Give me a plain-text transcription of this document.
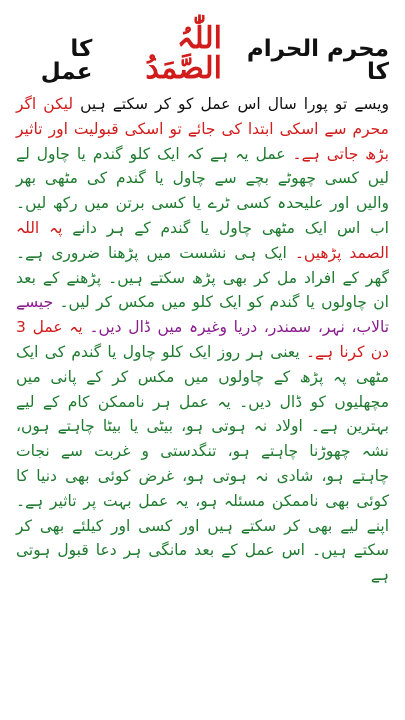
محرم الحرام کا
اللّٰہُ الصَّمَدُ
کا عمل

ویسے تو پورا سال اس عمل کو کر سکتے ہیں لیکن اگر محرم سے اسکی ابتدا کی جائے تو اسکی قبولیت اور تاثیر بڑھ جاتی ہے۔ عمل یہ ہے کہ ایک کلو گندم یا چاول لے لیں کسی چھوٹے بچے سے چاول یا گندم کی مٹھی بھر والیں اور علیحدہ کسی ٹرے یا کسی برتن میں رکھ لیں۔ اب اس ایک مٹھی چاول یا گندم کے ہر دانے پہ اللہ الصمد پڑھیں۔ ایک ہی نشست میں پڑھنا ضروری ہے۔ گھر کے افراد مل کر بھی پڑھ سکتے ہیں۔ پڑھنے کے بعد ان چاولوں یا گندم کو ایک کلو میں مکس کر لیں۔ جیسے تالاب، نہر، سمندر، دریا وغیرہ میں ڈال دیں۔ یہ عمل 3 دن کرنا ہے۔ یعنی ہر روز ایک کلو چاول یا گندم کی ایک مٹھی پہ پڑھ کے چاولوں میں مکس کر کے پانی میں مچھلیوں کو ڈال دیں۔ یہ عمل ہر ناممکن کام کے لیے بہترین ہے۔ اولاد نہ ہوتی ہو، بیٹی یا بیٹا چاہتے ہوں، نشہ چھوڑنا چاہتے ہو، تنگدستی و غربت سے نجات چاہتے ہو، شادی نہ ہوتی ہو، غرض کوئی بھی دنیا کا کوئی بھی ناممکن مسئلہ ہو، یہ عمل بہت پر تاثیر ہے۔ اپنے لیے بھی کر سکتے ہیں اور کسی اور کیلئے بھی کر سکتے ہیں۔ اس عمل کے بعد مانگی ہر دعا قبول ہوتی ہے
